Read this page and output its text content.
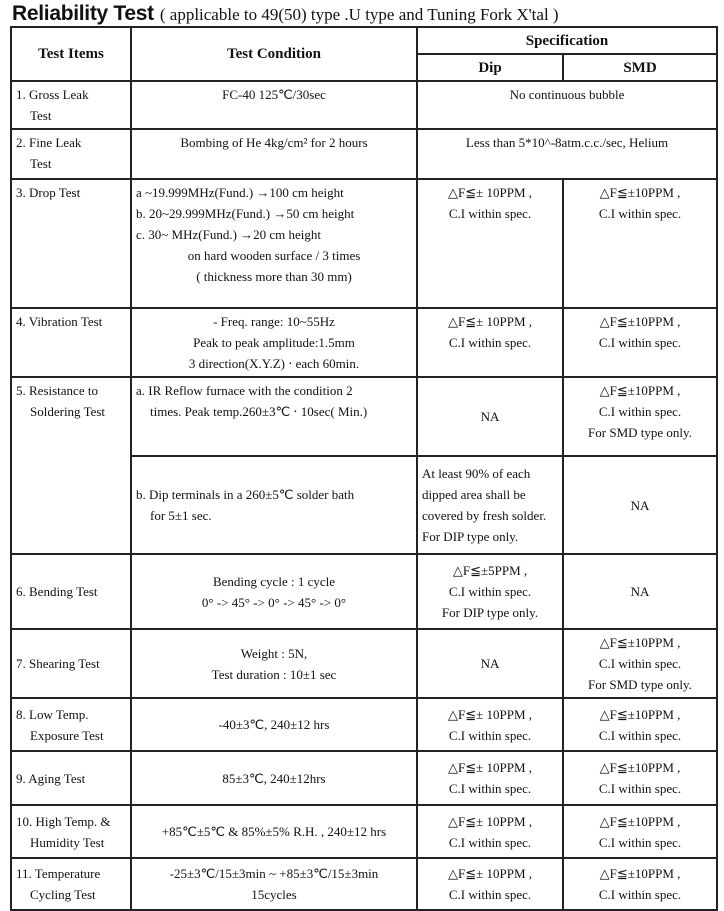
Reliability Test ( applicable to 49(50) type .U type and Tuning Fork X'tal )
Test Items	Test Condition	Specification	
		Dip	SMD

1. Gross Leak
Test	FC-40 125℃/30sec	No continuous bubble	

2. Fine Leak
Test	Bombing of He 4kg/cm² for 2 hours	Less than 5*10^-8atm.c.c./sec, Helium	

3. Drop Test	a ~19.999MHz(Fund.) →100 cm height
b. 20~29.999MHz(Fund.) →50 cm height
c. 30~ MHz(Fund.) →20 cm height
on hard wooden surface / 3 times
( thickness more than 30 mm)	△F≦± 10PPM ,
C.I within spec.	△F≦±10PPM ,
C.I within spec.

4. Vibration Test	- Freq. range: 10~55Hz
Peak to peak amplitude:1.5mm
3 direction(X.Y.Z) ‧ each 60min.	△F≦± 10PPM ,
C.I within spec.	△F≦±10PPM ,
C.I within spec.

5. Resistance to
Soldering Test	a. IR Reflow furnace with the condition 2
times. Peak temp.260±3℃ ‧ 10sec( Min.)	NA	△F≦±10PPM ,
C.I within spec.
For SMD type only.

	b. Dip terminals in a 260±5℃ solder bath
for 5±1 sec.	At least 90% of each
dipped area shall be
covered by fresh solder.
For DIP type only.	NA

6. Bending Test	Bending cycle : 1 cycle
0° -> 45° -> 0° -> 45° -> 0°	△F≦±5PPM ,
C.I within spec.
For DIP type only.	NA

7. Shearing Test	Weight : 5N,
Test duration : 10±1 sec	NA	△F≦±10PPM ,
C.I within spec.
For SMD type only.

8. Low Temp.
Exposure Test	-40±3℃, 240±12 hrs	△F≦± 10PPM ,
C.I within spec.	△F≦±10PPM ,
C.I within spec.

9. Aging Test	85±3℃, 240±12hrs	△F≦± 10PPM ,
C.I within spec.	△F≦±10PPM ,
C.I within spec.

10. High Temp. &
Humidity Test	+85℃±5℃ & 85%±5% R.H. , 240±12 hrs	△F≦± 10PPM ,
C.I within spec.	△F≦±10PPM ,
C.I within spec.

11. Temperature
Cycling Test	-25±3℃/15±3min ~ +85±3℃/15±3min
15cycles	△F≦± 10PPM ,
C.I within spec.	△F≦±10PPM ,
C.I within spec.
